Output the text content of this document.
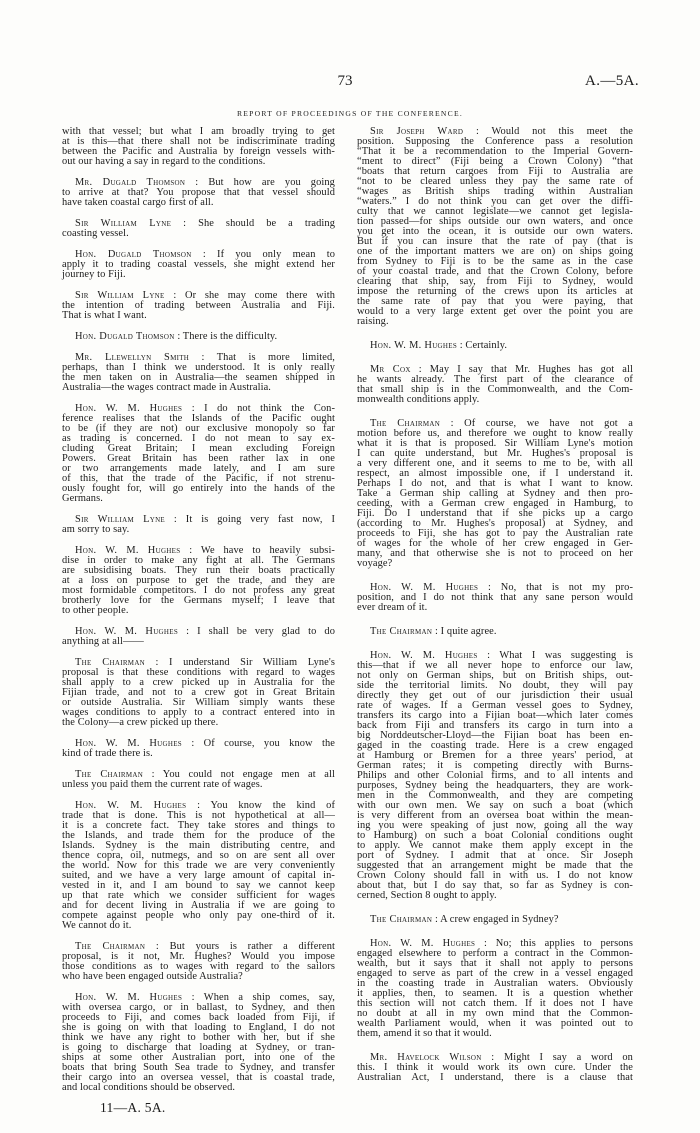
73	A.—5A.
REPORT OF PROCEEDINGS OF THE CONFERENCE.
with that vessel; but what I am broadly trying to get
at is this—that there shall not be indiscriminate trading
between the Pacific and Australia by foreign vessels with-
out our having a say in regard to the conditions.
Mr. Dugald Thomson : But how are you going
to arrive at that? You propose that that vessel should
have taken coastal cargo first of all.
Sir William Lyne : She should be a trading
coasting vessel.
Hon. Dugald Thomson : If you only mean to
apply it to trading coastal vessels, she might extend her
journey to Fiji.
Sir William Lyne : Or she may come there with
the intention of trading between Australia and Fiji.
That is what I want.
Hon. Dugald Thomson : There is the difficulty.
Mr. Llewellyn Smith : That is more limited,
perhaps, than I think we understood. It is only really
the men taken on in Australia—the seamen shipped in
Australia—the wages contract made in Australia.
Hon. W. M. Hughes : I do not think the Con-
ference realises that the Islands of the Pacific ought
to be (if they are not) our exclusive monopoly so far
as trading is concerned. I do not mean to say ex-
cluding Great Britain; I mean excluding Foreign
Powers. Great Britain has been rather lax in one
or two arrangements made lately, and I am sure
of this, that the trade of the Pacific, if not strenu-
ously fought for, will go entirely into the hands of the
Germans.
Sir William Lyne : It is going very fast now, I
am sorry to say.
Hon. W. M. Hughes : We have to heavily subsi-
dise in order to make any fight at all. The Germans
are subsidising boats. They run their boats practically
at a loss on purpose to get the trade, and they are
most formidable competitors. I do not profess any great
brotherly love for the Germans myself; I leave that
to other people.
Hon. W. M. Hughes : I shall be very glad to do
anything at all——
The Chairman : I understand Sir William Lyne's
proposal is that these conditions with regard to wages
shall apply to a crew picked up in Australia for the
Fijian trade, and not to a crew got in Great Britain
or outside Australia. Sir William simply wants these
wages conditions to apply to a contract entered into in
the Colony—a crew picked up there.
Hon. W. M. Hughes : Of course, you know the
kind of trade there is.
The Chairman : You could not engage men at all
unless you paid them the current rate of wages.
Hon. W. M. Hughes : You know the kind of
trade that is done. This is not hypothetical at all—
it is a concrete fact. They take stores and things to
the Islands, and trade them for the produce of the
Islands. Sydney is the main distributing centre, and
thence copra, oil, nutmegs, and so on are sent all over
the world. Now for this trade we are very conveniently
suited, and we have a very large amount of capital in-
vested in it, and I am bound to say we cannot keep
up that rate which we consider sufficient for wages
and for decent living in Australia if we are going to
compete against people who only pay one-third of it.
We cannot do it.
The Chairman : But yours is rather a different
proposal, is it not, Mr. Hughes? Would you impose
those conditions as to wages with regard to the sailors
who have been engaged outside Australia?
Hon. W. M. Hughes : When a ship comes, say,
with oversea cargo, or in ballast, to Sydney, and then
proceeds to Fiji, and comes back loaded from Fiji, if
she is going on with that loading to England, I do not
think we have any right to bother with her, but if she
is going to discharge that loading at Sydney, or tran-
ships at some other Australian port, into one of the
boats that bring South Sea trade to Sydney, and transfer
their cargo into an oversea vessel, that is coastal trade,
and local conditions should be observed.
Sir Joseph Ward : Would not this meet the
position. Supposing the Conference pass a resolution
“That it be a recommendation to the Imperial Govern-
“ment to direct” (Fiji being a Crown Colony) “that
“boats that return cargoes from Fiji to Australia are
“not to be cleared unless they pay the same rate of
“wages as British ships trading within Australian
“waters.” I do not think you can get over the diffi-
culty that we cannot legislate—we cannot get legisla-
tion passed—for ships outside our own waters, and once
you get into the ocean, it is outside our own waters.
But if you can insure that the rate of pay (that is
one of the important matters we are on) on ships going
from Sydney to Fiji is to be the same as in the case
of your coastal trade, and that the Crown Colony, before
clearing that ship, say, from Fiji to Sydney, would
impose the returning of the crews upon its articles at
the same rate of pay that you were paying, that
would to a very large extent get over the point you are
raising.
Hon. W. M. Hughes : Certainly.
Mr Cox : May I say that Mr. Hughes has got all
he wants already. The first part of the clearance of
that small ship is in the Commonwealth, and the Com-
monwealth conditions apply.
The Chairman : Of course, we have not got a
motion before us, and therefore we ought to know really
what it is that is proposed. Sir William Lyne's motion
I can quite understand, but Mr. Hughes's proposal is
a very different one, and it seems to me to be, with all
respect, an almost impossible one, if I understand it.
Perhaps I do not, and that is what I want to know.
Take a German ship calling at Sydney and then pro-
ceeding, with a German crew engaged in Hamburg, to
Fiji. Do I understand that if she picks up a cargo
(according to Mr. Hughes's proposal) at Sydney, and
proceeds to Fiji, she has got to pay the Australian rate
of wages for the whole of her crew engaged in Ger-
many, and that otherwise she is not to proceed on her
voyage?
Hon. W. M. Hughes : No, that is not my pro-
position, and I do not think that any sane person would
ever dream of it.
The Chairman : I quite agree.
Hon. W. M. Hughes : What I was suggesting is
this—that if we all never hope to enforce our law,
not only on German ships, but on British ships, out-
side the territorial limits. No doubt, they will pay
directly they get out of our jurisdiction their usual
rate of wages. If a German vessel goes to Sydney,
transfers its cargo into a Fijian boat—which later comes
back from Fiji and transfers its cargo in turn into a
big Norddeutscher-Lloyd—the Fijian boat has been en-
gaged in the coasting trade. Here is a crew engaged
at Hamburg or Bremen for a three years' period, at
German rates; it is competing directly with Burns-
Philips and other Colonial firms, and to all intents and
purposes, Sydney being the headquarters, they are work-
men in the Commonwealth, and they are competing
with our own men. We say on such a boat (which
is very different from an oversea boat within the mean-
ing you were speaking of just now, going all the way
to Hamburg) on such a boat Colonial conditions ought
to apply. We cannot make them apply except in the
port of Sydney. I admit that at once. Sir Joseph
suggested that an arrangement might be made that the
Crown Colony should fall in with us. I do not know
about that, but I do say that, so far as Sydney is con-
cerned, Section 8 ought to apply.
The Chairman : A crew engaged in Sydney?
Hon. W. M. Hughes : No; this applies to persons
engaged elsewhere to perform a contract in the Common-
wealth, but it says that it shall not apply to persons
engaged to serve as part of the crew in a vessel engaged
in the coasting trade in Australian waters. Obviously
it applies, then, to seamen. It is a question whether
this section will not catch them. If it does not I have
no doubt at all in my own mind that the Common-
wealth Parliament would, when it was pointed out to
them, amend it so that it would.
Mr. Havelock Wilson : Might I say a word on
this. I think it would work its own cure. Under the
Australian Act, I understand, there is a clause that
11—A. 5A.
